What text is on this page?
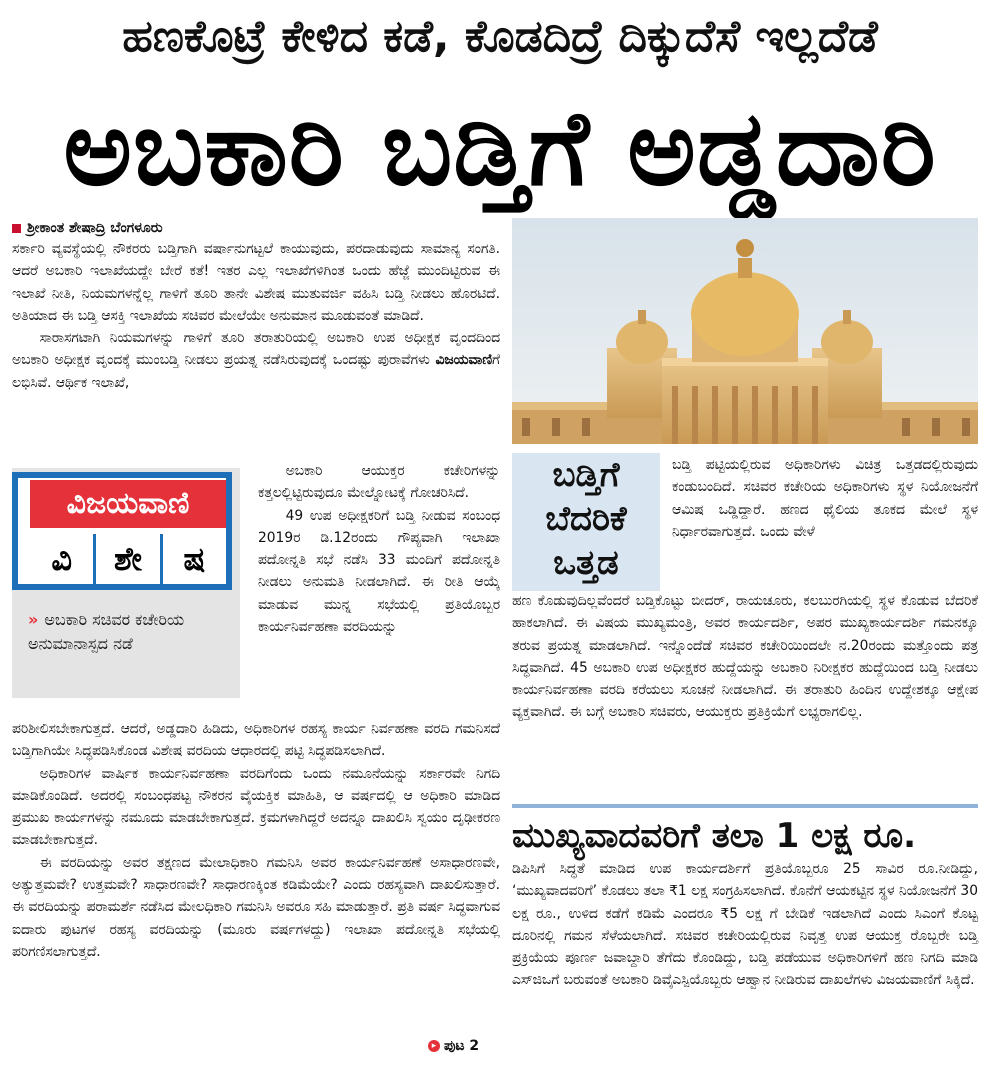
ಹಣಕೊಟ್ರೆ ಕೇಳಿದ ಕಡೆ, ಕೊಡದಿದ್ರೆ ದಿಕ್ಕುದೆಸೆ ಇಲ್ಲದೆಡೆ
ಅಬಕಾರಿ ಬಡ್ತಿಗೆ ಅಡ್ಡದಾರಿ
ಶ್ರೀಕಾಂತ ಶೇಷಾದ್ರಿ ಬೆಂಗಳೂರು

ಸರ್ಕಾರಿ ವ್ಯವಸ್ಥೆಯಲ್ಲಿ ನೌಕರರು ಬಡ್ತಿಗಾಗಿ ವರ್ಷಾನುಗಟ್ಟಲೆ ಕಾಯುವುದು, ಪರದಾಡುವುದು ಸಾಮಾನ್ಯ ಸಂಗತಿ. ಆದರೆ ಅಬಕಾರಿ ಇಲಾಖೆಯದ್ದೇ ಬೇರೆ ಕತೆ! ಇತರ ಎಲ್ಲ ಇಲಾಖೆಗಳಿಗಿಂತ ಒಂದು ಹೆಜ್ಜೆ ಮುಂದಿಟ್ಟಿರುವ ಈ ಇಲಾಖೆ ನೀತಿ, ನಿಯಮಗಳನ್ನೆಲ್ಲ ಗಾಳಿಗೆ ತೂರಿ ತಾನೇ ವಿಶೇಷ ಮುತುವರ್ಜಿ ವಹಿಸಿ ಬಡ್ತಿ ನೀಡಲು ಹೊರಟಿದೆ. ಅತಿಯಾದ ಈ ಬಡ್ತಿ ಆಸಕ್ತಿ ಇಲಾಖೆಯ ಸಚಿವರ ಮೇಲೆಯೇ ಅನುಮಾನ ಮೂಡುವಂತೆ ಮಾಡಿದೆ.

ಸಾರಾಸಗಟಾಗಿ ನಿಯಮಗಳನ್ನು ಗಾಳಿಗೆ ತೂರಿ ತರಾತುರಿಯಲ್ಲಿ ಅಬಕಾರಿ ಉಪ ಅಧೀಕ್ಷಕ ವೃಂದದಿಂದ ಅಬಕಾರಿ ಅಧೀಕ್ಷಕ ವೃಂದಕ್ಕೆ ಮುಂಬಡ್ತಿ ನೀಡಲು ಪ್ರಯತ್ನ ನಡೆಸಿರುವುದಕ್ಕೆ ಒಂದಷ್ಟು ಪುರಾವೆಗಳು ವಿಜಯವಾಣಿಗೆ ಲಭಿಸಿವೆ. ಆರ್ಥಿಕ ಇಲಾಖೆ,

ವಿಜಯವಾಣಿ
ವಿ	ಶೇ	ಷ
» ಅಬಕಾರಿ ಸಚಿವರ ಕಚೇರಿಯ ಅನುಮಾನಾಸ್ಪದ ನಡೆ

ಅಬಕಾರಿ ಆಯುಕ್ತರ ಕಚೇರಿಗಳನ್ನು ಕತ್ತಲಲ್ಲಿಟ್ಟಿರುವುದೂ ಮೇಲ್ನೋಟಕ್ಕೆ ಗೋಚರಿಸಿದೆ.

49 ಉಪ ಅಧೀಕ್ಷಕರಿಗೆ ಬಡ್ತಿ ನೀಡುವ ಸಂಬಂಧ 2019ರ ಡಿ.12ರಂದು ಗೌಪ್ಯವಾಗಿ ಇಲಾಖಾ ಪದೋನ್ನತಿ ಸಭೆ ನಡೆಸಿ 33 ಮಂದಿಗೆ ಪದೋನ್ನತಿ ನೀಡಲು ಅನುಮತಿ ನೀಡಲಾಗಿದೆ. ಈ ರೀತಿ ಆಯ್ಕೆ ಮಾಡುವ ಮುನ್ನ ಸಭೆಯಲ್ಲಿ ಪ್ರತಿಯೊಬ್ಬರ ಕಾರ್ಯನಿರ್ವಹಣಾ ವರದಿಯನ್ನು

ಪರಿಶೀಲಿಸಬೇಕಾಗುತ್ತದೆ. ಆದರೆ, ಅಡ್ಡದಾರಿ ಹಿಡಿದು, ಅಧಿಕಾರಿಗಳ ರಹಸ್ಯ ಕಾರ್ಯ ನಿರ್ವಹಣಾ ವರದಿ ಗಮನಿಸದೆ ಬಡ್ತಿಗಾಗಿಯೇ ಸಿದ್ಧಪಡಿಸಿಕೊಂಡ ವಿಶೇಷ ವರದಿಯ ಆಧಾರದಲ್ಲಿ ಪಟ್ಟಿ ಸಿದ್ಧಪಡಿಸಲಾಗಿದೆ.

ಅಧಿಕಾರಿಗಳ ವಾರ್ಷಿಕ ಕಾರ್ಯನಿರ್ವಹಣಾ ವರದಿಗೆಂದು ಒಂದು ನಮೂನೆಯನ್ನು ಸರ್ಕಾರವೇ ನಿಗದಿ ಮಾಡಿಕೊಂಡಿದೆ. ಅದರಲ್ಲಿ ಸಂಬಂಧಪಟ್ಟ ನೌಕರನ ವೈಯಕ್ತಿಕ ಮಾಹಿತಿ, ಆ ವರ್ಷದಲ್ಲಿ ಆ ಅಧಿಕಾರಿ ಮಾಡಿದ ಪ್ರಮುಖ ಕಾರ್ಯಗಳನ್ನು ನಮೂದು ಮಾಡಬೇಕಾಗುತ್ತದೆ. ಕ್ರಮಗಳಾಗಿದ್ದರೆ ಅದನ್ನೂ ದಾಖಲಿಸಿ ಸ್ವಯಂ ದೃಢೀಕರಣ ಮಾಡಬೇಕಾಗುತ್ತದೆ.

ಈ ವರದಿಯನ್ನು ಅವರ ತಕ್ಷಣದ ಮೇಲಾಧಿಕಾರಿ ಗಮನಿಸಿ ಅವರ ಕಾರ್ಯನಿರ್ವಹಣೆ ಅಸಾಧಾರಣವೇ, ಅತ್ಯುತ್ತಮವೇ? ಉತ್ತಮವೇ? ಸಾಧಾರಣವೇ? ಸಾಧಾರಣಕ್ಕಿಂತ ಕಡಿಮೆಯೇ? ಎಂದು ರಹಸ್ಯವಾಗಿ ದಾಖಲಿಸುತ್ತಾರೆ. ಈ ವರದಿಯನ್ನು ಪರಾಮರ್ಶೆ ನಡೆಸಿದ ಮೇಲಧಿಕಾರಿ ಗಮನಿಸಿ ಅವರೂ ಸಹಿ ಮಾಡುತ್ತಾರೆ. ಪ್ರತಿ ವರ್ಷ ಸಿದ್ಧವಾಗುವ ಐದಾರು ಪುಟಗಳ ರಹಸ್ಯ ವರದಿಯನ್ನು (ಮೂರು ವರ್ಷಗಳದ್ದು) ಇಲಾಖಾ ಪದೋನ್ನತಿ ಸಭೆಯಲ್ಲಿ ಪರಿಗಣಿಸಲಾಗುತ್ತದೆ.

▸ ಪುಟ 2
ಬಡ್ತಿಗೆ
ಬೆದರಿಕೆ
ಒತ್ತಡ

ಬಡ್ತಿ ಪಟ್ಟಿಯಲ್ಲಿರುವ ಅಧಿಕಾರಿಗಳು ವಿಚಿತ್ರ ಒತ್ತಡದಲ್ಲಿರುವುದು ಕಂಡುಬಂದಿದೆ. ಸಚಿವರ ಕಚೇರಿಯ ಅಧಿಕಾರಿಗಳು ಸ್ಥಳ ನಿಯೋಜನೆಗೆ ಆಮಿಷ ಒಡ್ಡಿದ್ದಾರೆ. ಹಣದ ಥೈಲಿಯ ತೂಕದ ಮೇಲೆ ಸ್ಥಳ ನಿರ್ಧಾರವಾಗುತ್ತದೆ. ಒಂದು ವೇಳೆ

ಹಣ ಕೊಡುವುದಿಲ್ಲವೆಂದರೆ ಬಡ್ತಿಕೊಟ್ಟು ಬೀದರ್, ರಾಯಚೂರು, ಕಲಬುರಗಿಯಲ್ಲಿ ಸ್ಥಳ ಕೊಡುವ ಬೆದರಿಕೆ ಹಾಕಲಾಗಿದೆ. ಈ ವಿಷಯ ಮುಖ್ಯಮಂತ್ರಿ, ಅವರ ಕಾರ್ಯದರ್ಶಿ, ಅಪರ ಮುಖ್ಯಕಾರ್ಯದರ್ಶಿ ಗಮನಕ್ಕೂ ತರುವ ಪ್ರಯತ್ನ ಮಾಡಲಾಗಿದೆ. ಇನ್ನೊಂದೆಡೆ ಸಚಿವರ ಕಚೇರಿಯಿಂದಲೇ ನ.20ರಂದು ಮತ್ತೊಂದು ಪತ್ರ ಸಿದ್ಧವಾಗಿದೆ. 45 ಅಬಕಾರಿ ಉಪ ಅಧೀಕ್ಷಕರ ಹುದ್ದೆಯನ್ನು ಅಬಕಾರಿ ನಿರೀಕ್ಷಕರ ಹುದ್ದೆಯಿಂದ ಬಡ್ತಿ ನೀಡಲು ಕಾರ್ಯನಿರ್ವಹಣಾ ವರದಿ ಕರೆಯಲು ಸೂಚನೆ ನೀಡಲಾಗಿದೆ. ಈ ತರಾತುರಿ ಹಿಂದಿನ ಉದ್ದೇಶಕ್ಕೂ ಆಕ್ಷೇಪ ವ್ಯಕ್ತವಾಗಿದೆ. ಈ ಬಗ್ಗೆ ಅಬಕಾರಿ ಸಚಿವರು, ಆಯುಕ್ತರು ಪ್ರತಿಕ್ರಿಯೆಗೆ ಲಭ್ಯರಾಗಲಿಲ್ಲ.

ಮುಖ್ಯವಾದವರಿಗೆ ತಲಾ 1 ಲಕ್ಷ ರೂ.

ಡಿಪಿಸಿಗೆ ಸಿದ್ಧತೆ ಮಾಡಿದ ಉಪ ಕಾರ್ಯದರ್ಶಿಗೆ ಪ್ರತಿಯೊಬ್ಬರೂ 25 ಸಾವಿರ ರೂ.ನೀಡಿದ್ದು, ‘ಮುಖ್ಯವಾದವರಿಗೆ’ ಕೊಡಲು ತಲಾ ₹1 ಲಕ್ಷ ಸಂಗ್ರಹಿಸಲಾಗಿದೆ. ಕೊನೆಗೆ ಆಯಕಟ್ಟಿನ ಸ್ಥಳ ನಿಯೋಜನೆಗೆ 30 ಲಕ್ಷ ರೂ., ಉಳಿದ ಕಡೆಗೆ ಕಡಿಮೆ ಎಂದರೂ ₹5 ಲಕ್ಷ ಗೆ ಬೇಡಿಕೆ ಇಡಲಾಗಿದೆ ಎಂದು ಸಿಎಂಗೆ ಕೊಟ್ಟ ದೂರಿನಲ್ಲಿ ಗಮನ ಸೆಳೆಯಲಾಗಿದೆ. ಸಚಿವರ ಕಚೇರಿಯಲ್ಲಿರುವ ನಿವೃತ್ತ ಉಪ ಆಯುಕ್ತ ರೊಬ್ಬರೇ ಬಡ್ತಿ ಪ್ರಕ್ರಿಯೆಯ ಪೂರ್ಣ ಜವಾಬ್ದಾರಿ ತೆಗೆದು ಕೊಂಡಿದ್ದು, ಬಡ್ತಿ ಪಡೆಯುವ ಅಧಿಕಾರಿಗಳಿಗೆ ಹಣ ನಿಗದಿ ಮಾಡಿ ಎಸ್‌ಜಿಒಗೆ ಬರುವಂತೆ ಅಬಕಾರಿ ಡಿವೈಎಸ್ಪಿಯೊಬ್ಬರು ಆಹ್ವಾನ ನೀಡಿರುವ ದಾಖಲೆಗಳು ವಿಜಯವಾಣಿಗೆ ಸಿಕ್ಕಿದೆ.
